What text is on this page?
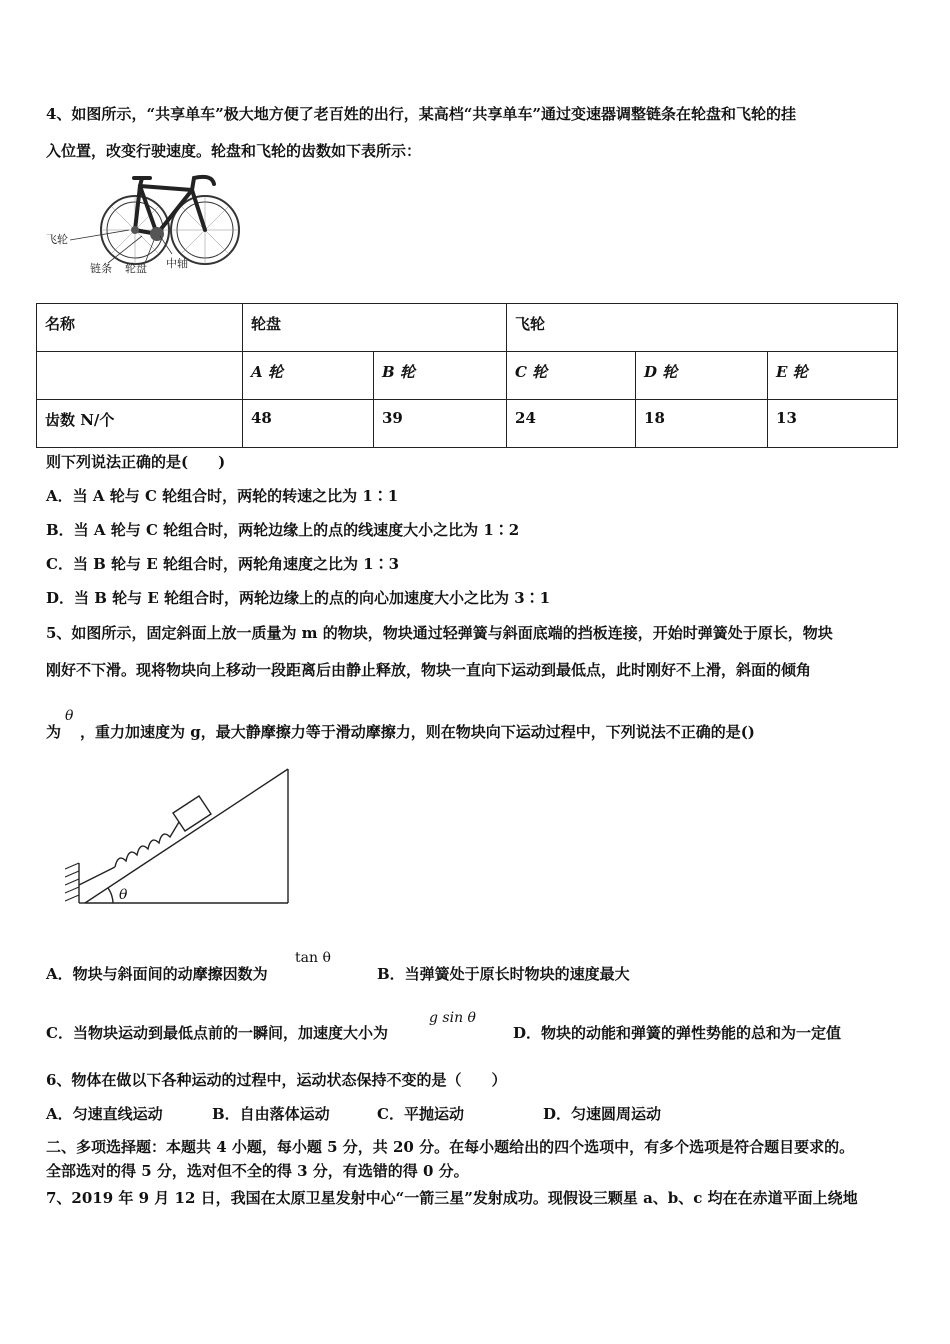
4、如图所示，“共享单车”极大地方便了老百姓的出行，某高档“共享单车”通过变速器调整链条在轮盘和飞轮的挂
入位置，改变行驶速度。轮盘和飞轮的齿数如下表所示：
飞轮
链条 轮盘 中轴
名称	轮盘		飞轮		
	A 轮	B 轮	C 轮	D 轮	E 轮
齿数 N/个	48	39	24	18	13
则下列说法正确的是(　　)
A．当 A 轮与 C 轮组合时，两轮的转速之比为 1∶1
B．当 A 轮与 C 轮组合时，两轮边缘上的点的线速度大小之比为 1∶2
C．当 B 轮与 E 轮组合时，两轮角速度之比为 1∶3
D．当 B 轮与 E 轮组合时，两轮边缘上的点的向心加速度大小之比为 3∶1
5、如图所示，固定斜面上放一质量为 m 的物块，物块通过轻弹簧与斜面底端的挡板连接，开始时弹簧处于原长，物块
刚好不下滑。现将物块向上移动一段距离后由静止释放，物块一直向下运动到最低点，此时刚好不上滑，斜面的倾角
为
θ
，重力加速度为 g，最大静摩擦力等于滑动摩擦力，则在物块向下运动过程中，下列说法不正确的是()
θ
A．物块与斜面间的动摩擦因数为
tan θ
B．当弹簧处于原长时物块的速度最大
C．当物块运动到最低点前的一瞬间，加速度大小为
g sin θ
D．物块的动能和弹簧的弹性势能的总和为一定值
6、物体在做以下各种运动的过程中，运动状态保持不变的是（　　）
A．匀速直线运动	B．自由落体运动	C．平抛运动	D．匀速圆周运动
二、多项选择题：本题共 4 小题，每小题 5 分，共 20 分。在每小题给出的四个选项中，有多个选项是符合题目要求的。
全部选对的得 5 分，选对但不全的得 3 分，有选错的得 0 分。
7、2019 年 9 月 12 日，我国在太原卫星发射中心“一箭三星”发射成功。现假设三颗星 a、b、c 均在在赤道平面上绕地
